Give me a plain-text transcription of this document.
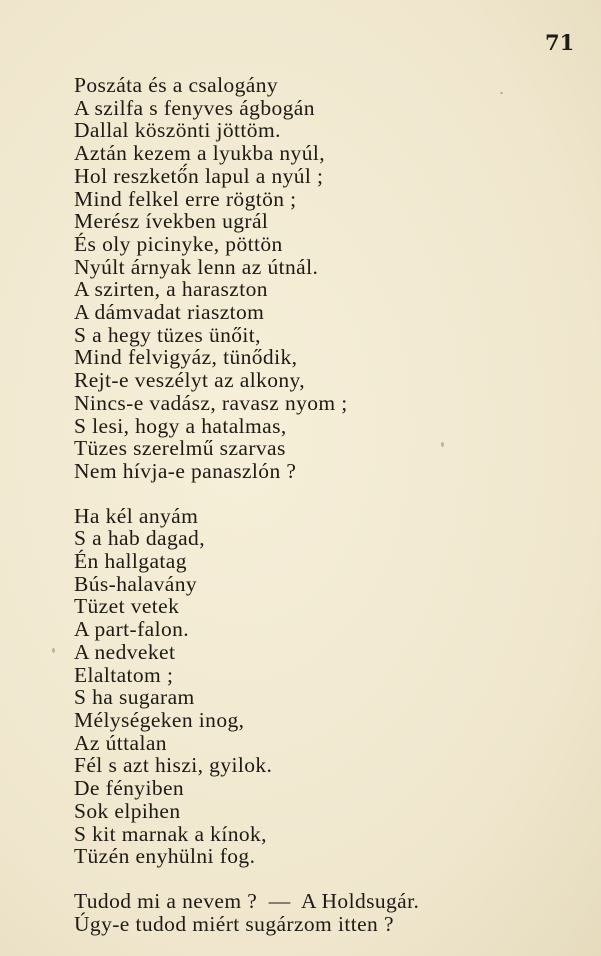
71
Poszáta és a csalogány
A szilfa s fenyves ágbogán
Dallal köszönti jöttöm.
Aztán kezem a lyukba nyúl,
Hol reszkető́n lapul a nyúl ;
Mind felkel erre rögtön ;
Merész ívekben ugrál
És oly picinyke, pöttön
Nyúlt árnyak lenn az útnál.
A szirten, a haraszton
A dámvadat riasztom
S a hegy tüzes ünőit,
Mind felvigyáz, tünődik,
Rejt-e veszélyt az alkony,
Nincs-e vadász, ravasz nyom ;
S lesi, hogy a hatalmas,
Tüzes szerelmű szarvas
Nem hívja-e panaszlón ?
Ha kél anyám
S a hab dagad,
Én hallgatag
Bús-halavány
Tüzet vetek
A part-falon.
A nedveket
Elaltatom ;
S ha sugaram
Mélységeken inog,
Az úttalan
Fél s azt hiszi, gyilok.
De fényiben
Sok elpihen
S kit marnak a kínok,
Tüzén enyhülni fog.
Tudod mi a nevem ?  —  A Holdsugár.
Úgy-e tudod miért sugárzom itten ?
